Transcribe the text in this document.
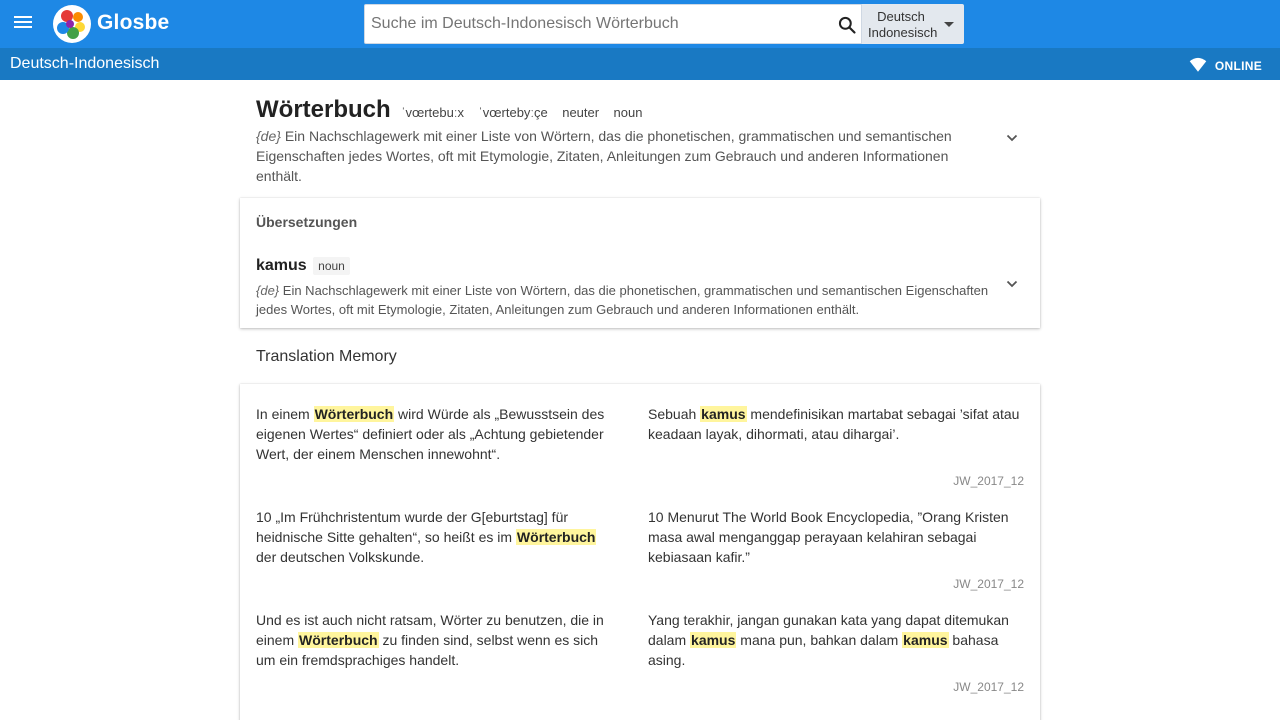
Glosbe
Suche im Deutsch-Indonesisch Wörterbuch	Deutsch
Indonesisch
Deutsch-Indonesisch	ONLINE
Wörterbuch ˈvœrtebuːx ˈvœrtebyːçe neuter noun
{de} Ein Nachschlagewerk mit einer Liste von Wörtern, das die phonetischen, grammatischen und semantischen Eigenschaften jedes Wortes, oft mit Etymologie, Zitaten, Anleitungen zum Gebrauch und anderen Informationen enthält.
Übersetzungen
kamus noun
{de} Ein Nachschlagewerk mit einer Liste von Wörtern, das die phonetischen, grammatischen und semantischen Eigenschaften jedes Wortes, oft mit Etymologie, Zitaten, Anleitungen zum Gebrauch und anderen Informationen enthält.
Translation Memory
In einem Wörterbuch wird Würde als „Bewusstsein des eigenen Wertes“ definiert oder als „Achtung gebietender Wert, der einem Menschen innewohnt“.
Sebuah kamus mendefinisikan martabat sebagai ’sifat atau keadaan layak, dihormati, atau dihargai’.
JW_2017_12
10 „Im Frühchristentum wurde der G[eburtstag] für heidnische Sitte gehalten“, so heißt es im Wörterbuch der deutschen Volkskunde.
10 Menurut The World Book Encyclopedia, ”Orang Kristen masa awal menganggap perayaan kelahiran sebagai kebiasaan kafir.”
JW_2017_12
Und es ist auch nicht ratsam, Wörter zu benutzen, die in einem Wörterbuch zu finden sind, selbst wenn es sich um ein fremdsprachiges handelt.
Yang terakhir, jangan gunakan kata yang dapat ditemukan dalam kamus mana pun, bahkan dalam kamus bahasa asing.
JW_2017_12
